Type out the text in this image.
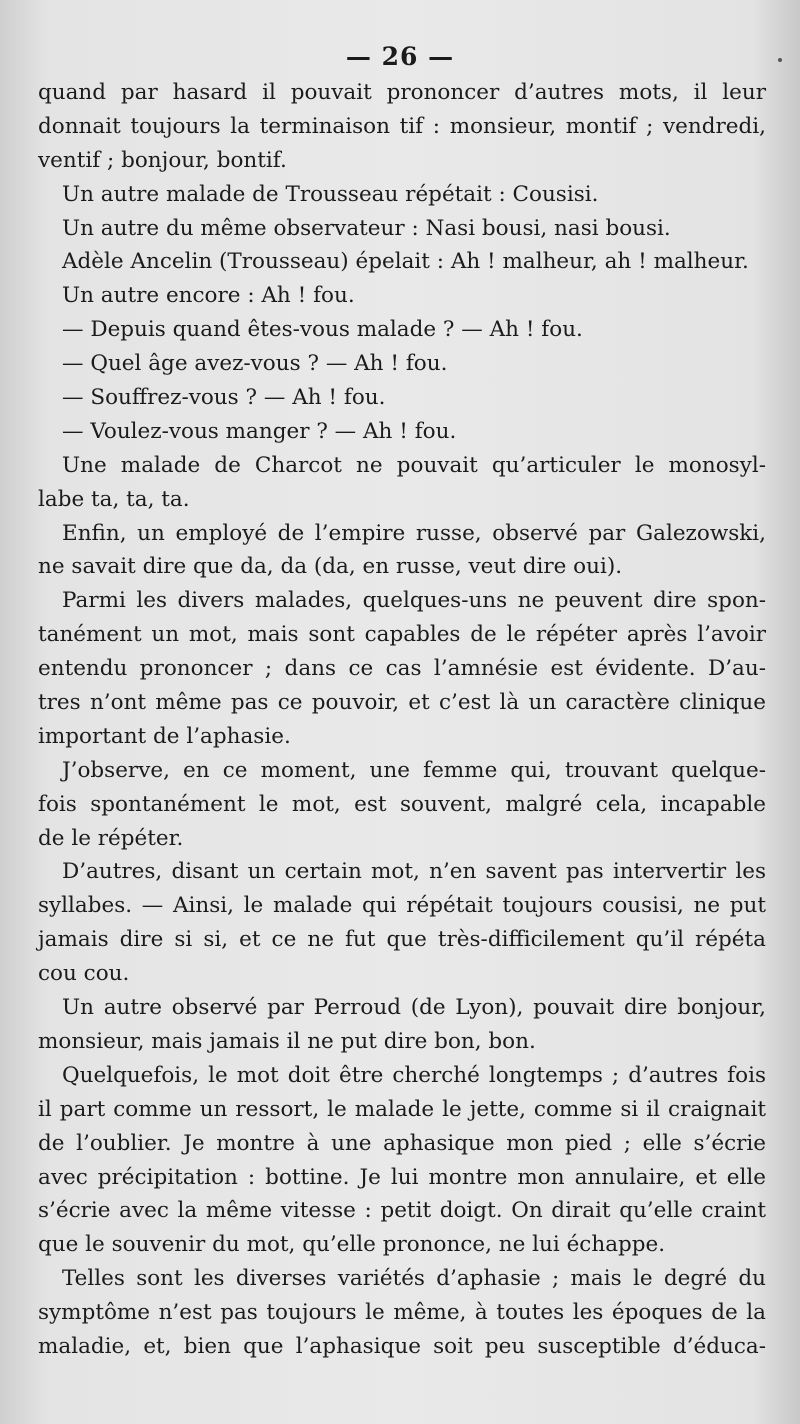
— 26 —
quand par hasard il pouvait prononcer d’autres mots, il leur
donnait toujours la terminaison tif : monsieur, montif ; vendredi,
ventif ; bonjour, bontif.
Un autre malade de Trousseau répétait : Cousisi.
Un autre du même observateur : Nasi bousi, nasi bousi.
Adèle Ancelin (Trousseau) épelait : Ah ! malheur, ah ! malheur.
Un autre encore : Ah ! fou.
— Depuis quand êtes-vous malade ? — Ah ! fou.
— Quel âge avez-vous ? — Ah ! fou.
— Souffrez-vous ? — Ah ! fou.
— Voulez-vous manger ? — Ah ! fou.
Une malade de Charcot ne pouvait qu’articuler le monosyl-
labe ta, ta, ta.
Enfin, un employé de l’empire russe, observé par Galezowski,
ne savait dire que da, da (da, en russe, veut dire oui).
Parmi les divers malades, quelques-uns ne peuvent dire spon-
tanément un mot, mais sont capables de le répéter après l’avoir
entendu prononcer ; dans ce cas l’amnésie est évidente. D’au-
tres n’ont même pas ce pouvoir, et c’est là un caractère clinique
important de l’aphasie.
J’observe, en ce moment, une femme qui, trouvant quelque-
fois spontanément le mot, est souvent, malgré cela, incapable
de le répéter.
D’autres, disant un certain mot, n’en savent pas intervertir les
syllabes. — Ainsi, le malade qui répétait toujours cousisi, ne put
jamais dire si si, et ce ne fut que très-difficilement qu’il répéta
cou cou.
Un autre observé par Perroud (de Lyon), pouvait dire bonjour,
monsieur, mais jamais il ne put dire bon, bon.
Quelquefois, le mot doit être cherché longtemps ; d’autres fois
il part comme un ressort, le malade le jette, comme si il craignait
de l’oublier. Je montre à une aphasique mon pied ; elle s’écrie
avec précipitation : bottine. Je lui montre mon annulaire, et elle
s’écrie avec la même vitesse : petit doigt. On dirait qu’elle craint
que le souvenir du mot, qu’elle prononce, ne lui échappe.
Telles sont les diverses variétés d’aphasie ; mais le degré du
symptôme n’est pas toujours le même, à toutes les époques de la
maladie, et, bien que l’aphasique soit peu susceptible d’éduca-
